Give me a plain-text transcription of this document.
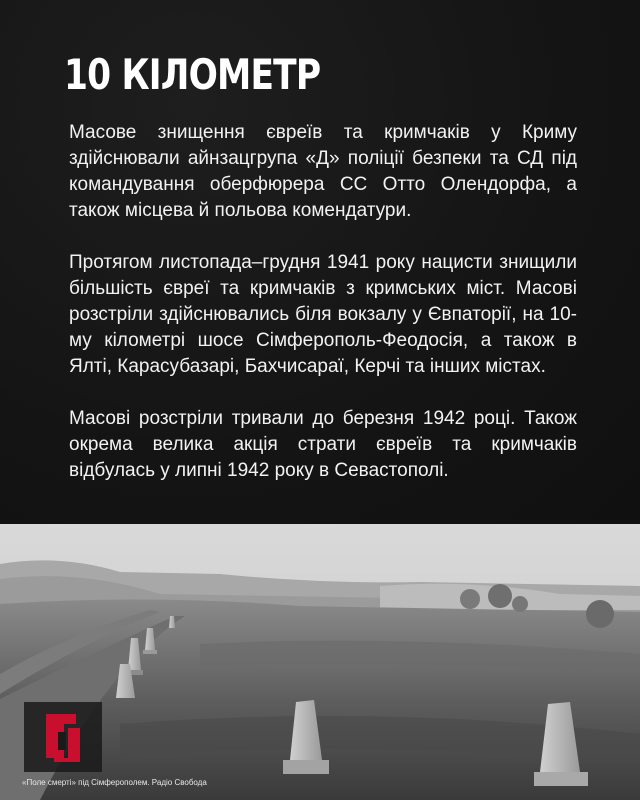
10 КІЛОМЕТР

Масове знищення євреїв та кримчаків у Криму здійснювали айнзацгрупа «Д» поліції безпеки та СД під командування оберфюрера СС Отто Олендорфа, а також місцева й польова комендатури.

Протягом листопада–грудня 1941 року нацисти знищили більшість євреї та кримчаків з кримських міст. Масові розстріли здійснювались біля вокзалу у Євпаторії, на 10-му кілометрі шосе Сімферополь-Феодосія, а також в Ялті, Карасубазарі, Бахчисараї, Керчі та інших містах.

Масові розстріли тривали до березня 1942 році. Також окрема велика акція страти євреїв та кримчаків відбулась у липні 1942 року в Севастополі.

«Поле смерті» під Сімферополем. Радіо Свобода
